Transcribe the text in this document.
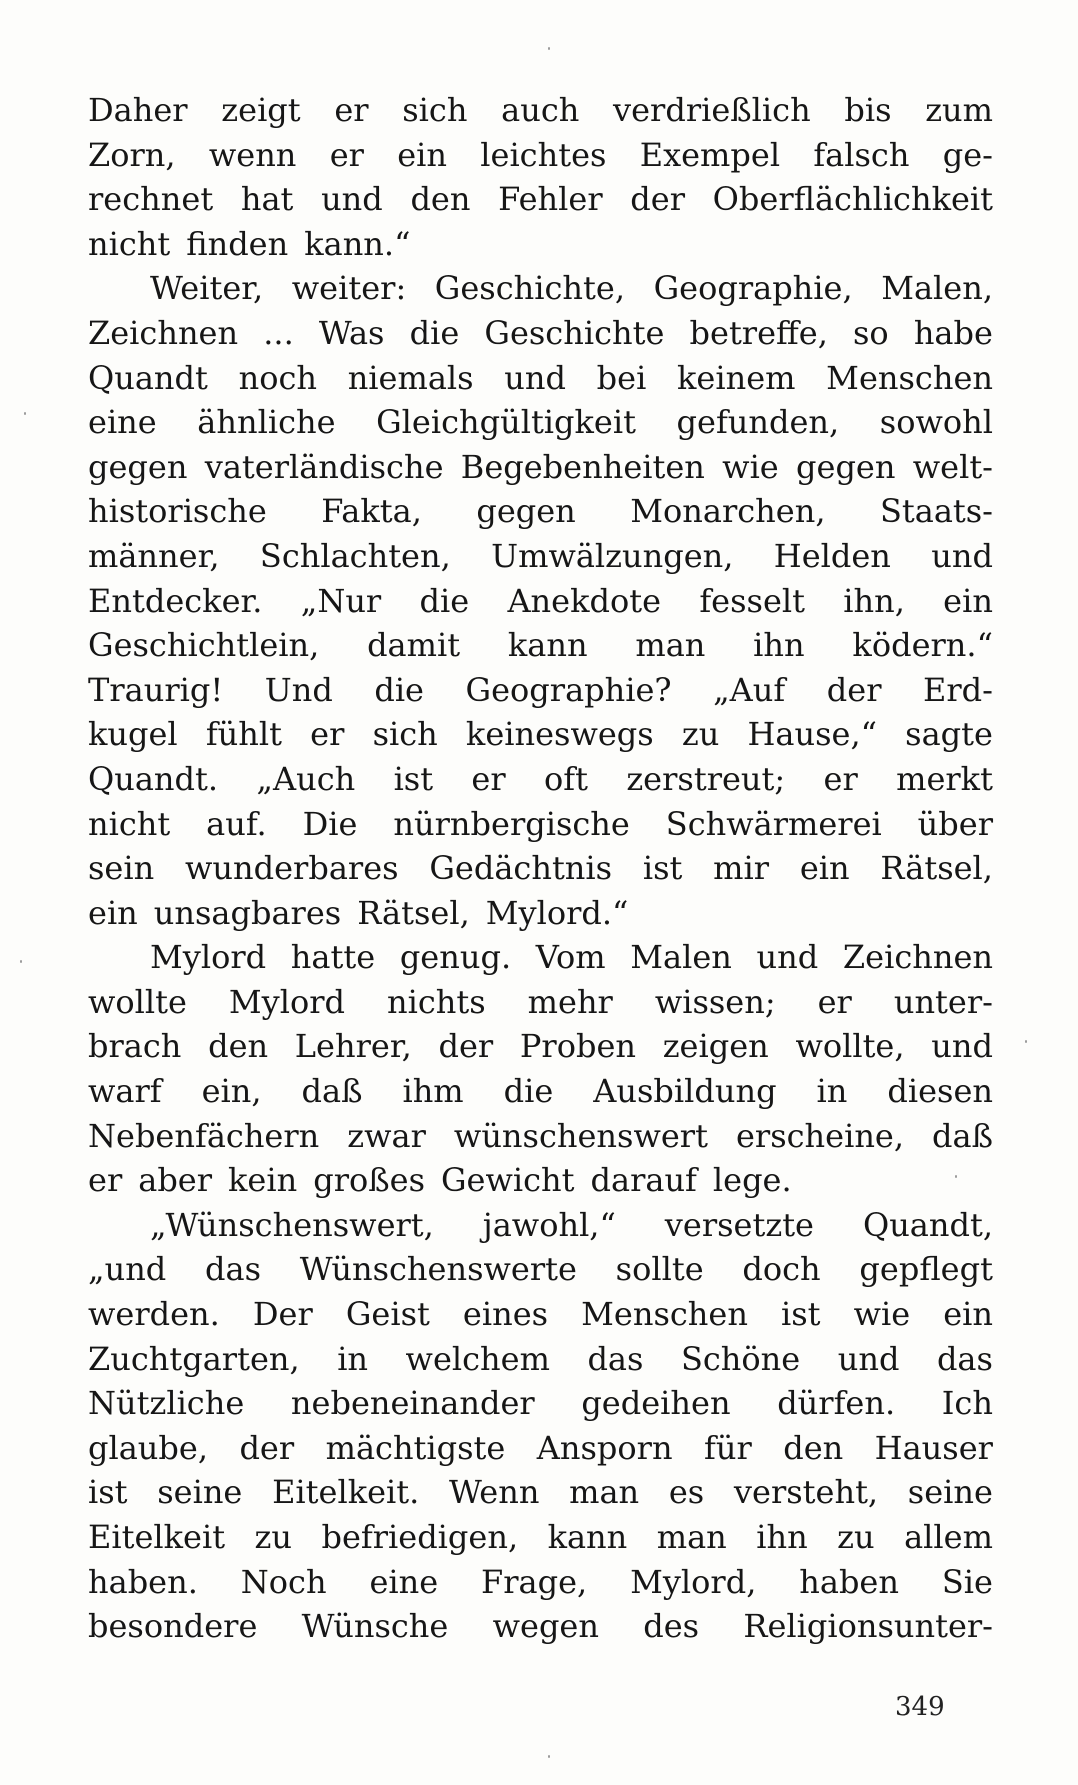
Daher zeigt er sich auch verdrießlich bis zum
Zorn, wenn er ein leichtes Exempel falsch ge-
rechnet hat und den Fehler der Oberflächlichkeit
nicht finden kann.“
Weiter, weiter: Geschichte, Geographie, Malen,
Zeichnen ... Was die Geschichte betreffe, so habe
Quandt noch niemals und bei keinem Menschen
eine ähnliche Gleichgültigkeit gefunden, sowohl
gegen vaterländische Begebenheiten wie gegen welt-
historische Fakta, gegen Monarchen, Staats-
männer, Schlachten, Umwälzungen, Helden und
Entdecker. „Nur die Anekdote fesselt ihn, ein
Geschichtlein, damit kann man ihn ködern.“
Traurig! Und die Geographie? „Auf der Erd-
kugel fühlt er sich keineswegs zu Hause,“ sagte
Quandt. „Auch ist er oft zerstreut; er merkt
nicht auf. Die nürnbergische Schwärmerei über
sein wunderbares Gedächtnis ist mir ein Rätsel,
ein unsagbares Rätsel, Mylord.“
Mylord hatte genug. Vom Malen und Zeichnen
wollte Mylord nichts mehr wissen; er unter-
brach den Lehrer, der Proben zeigen wollte, und
warf ein, daß ihm die Ausbildung in diesen
Nebenfächern zwar wünschenswert erscheine, daß
er aber kein großes Gewicht darauf lege.
„Wünschenswert, jawohl,“ versetzte Quandt,
„und das Wünschenswerte sollte doch gepflegt
werden. Der Geist eines Menschen ist wie ein
Zuchtgarten, in welchem das Schöne und das
Nützliche nebeneinander gedeihen dürfen. Ich
glaube, der mächtigste Ansporn für den Hauser
ist seine Eitelkeit. Wenn man es versteht, seine
Eitelkeit zu befriedigen, kann man ihn zu allem
haben. Noch eine Frage, Mylord, haben Sie
besondere Wünsche wegen des Religionsunter-
349
